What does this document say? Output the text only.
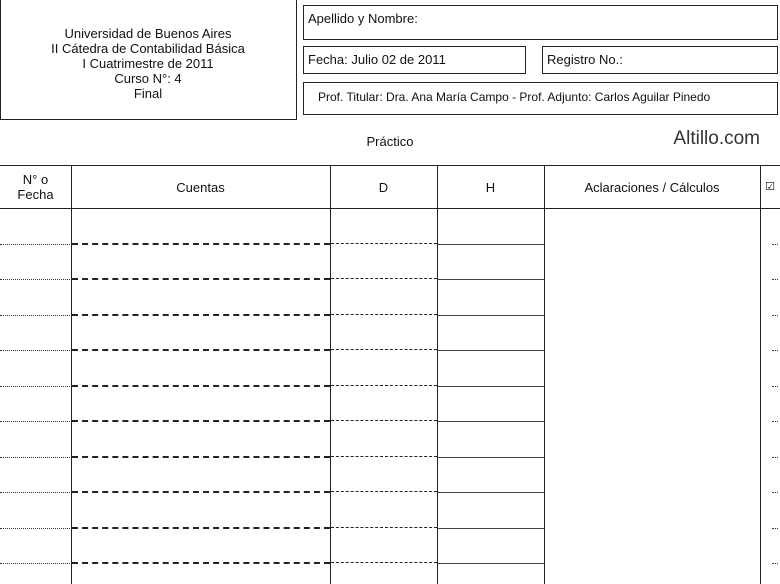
Universidad de Buenos Aires
II Cátedra de Contabilidad Básica
I Cuatrimestre de 2011
Curso N°: 4
Final
Apellido y Nombre:
Fecha: Julio 02 de 2011	Registro No.:
Prof. Titular: Dra. Ana María Campo - Prof. Adjunto: Carlos Aguilar Pinedo
Práctico	Altillo.com
N° o
Fecha	Cuentas	D	H	Aclaraciones / Cálculos	☑
